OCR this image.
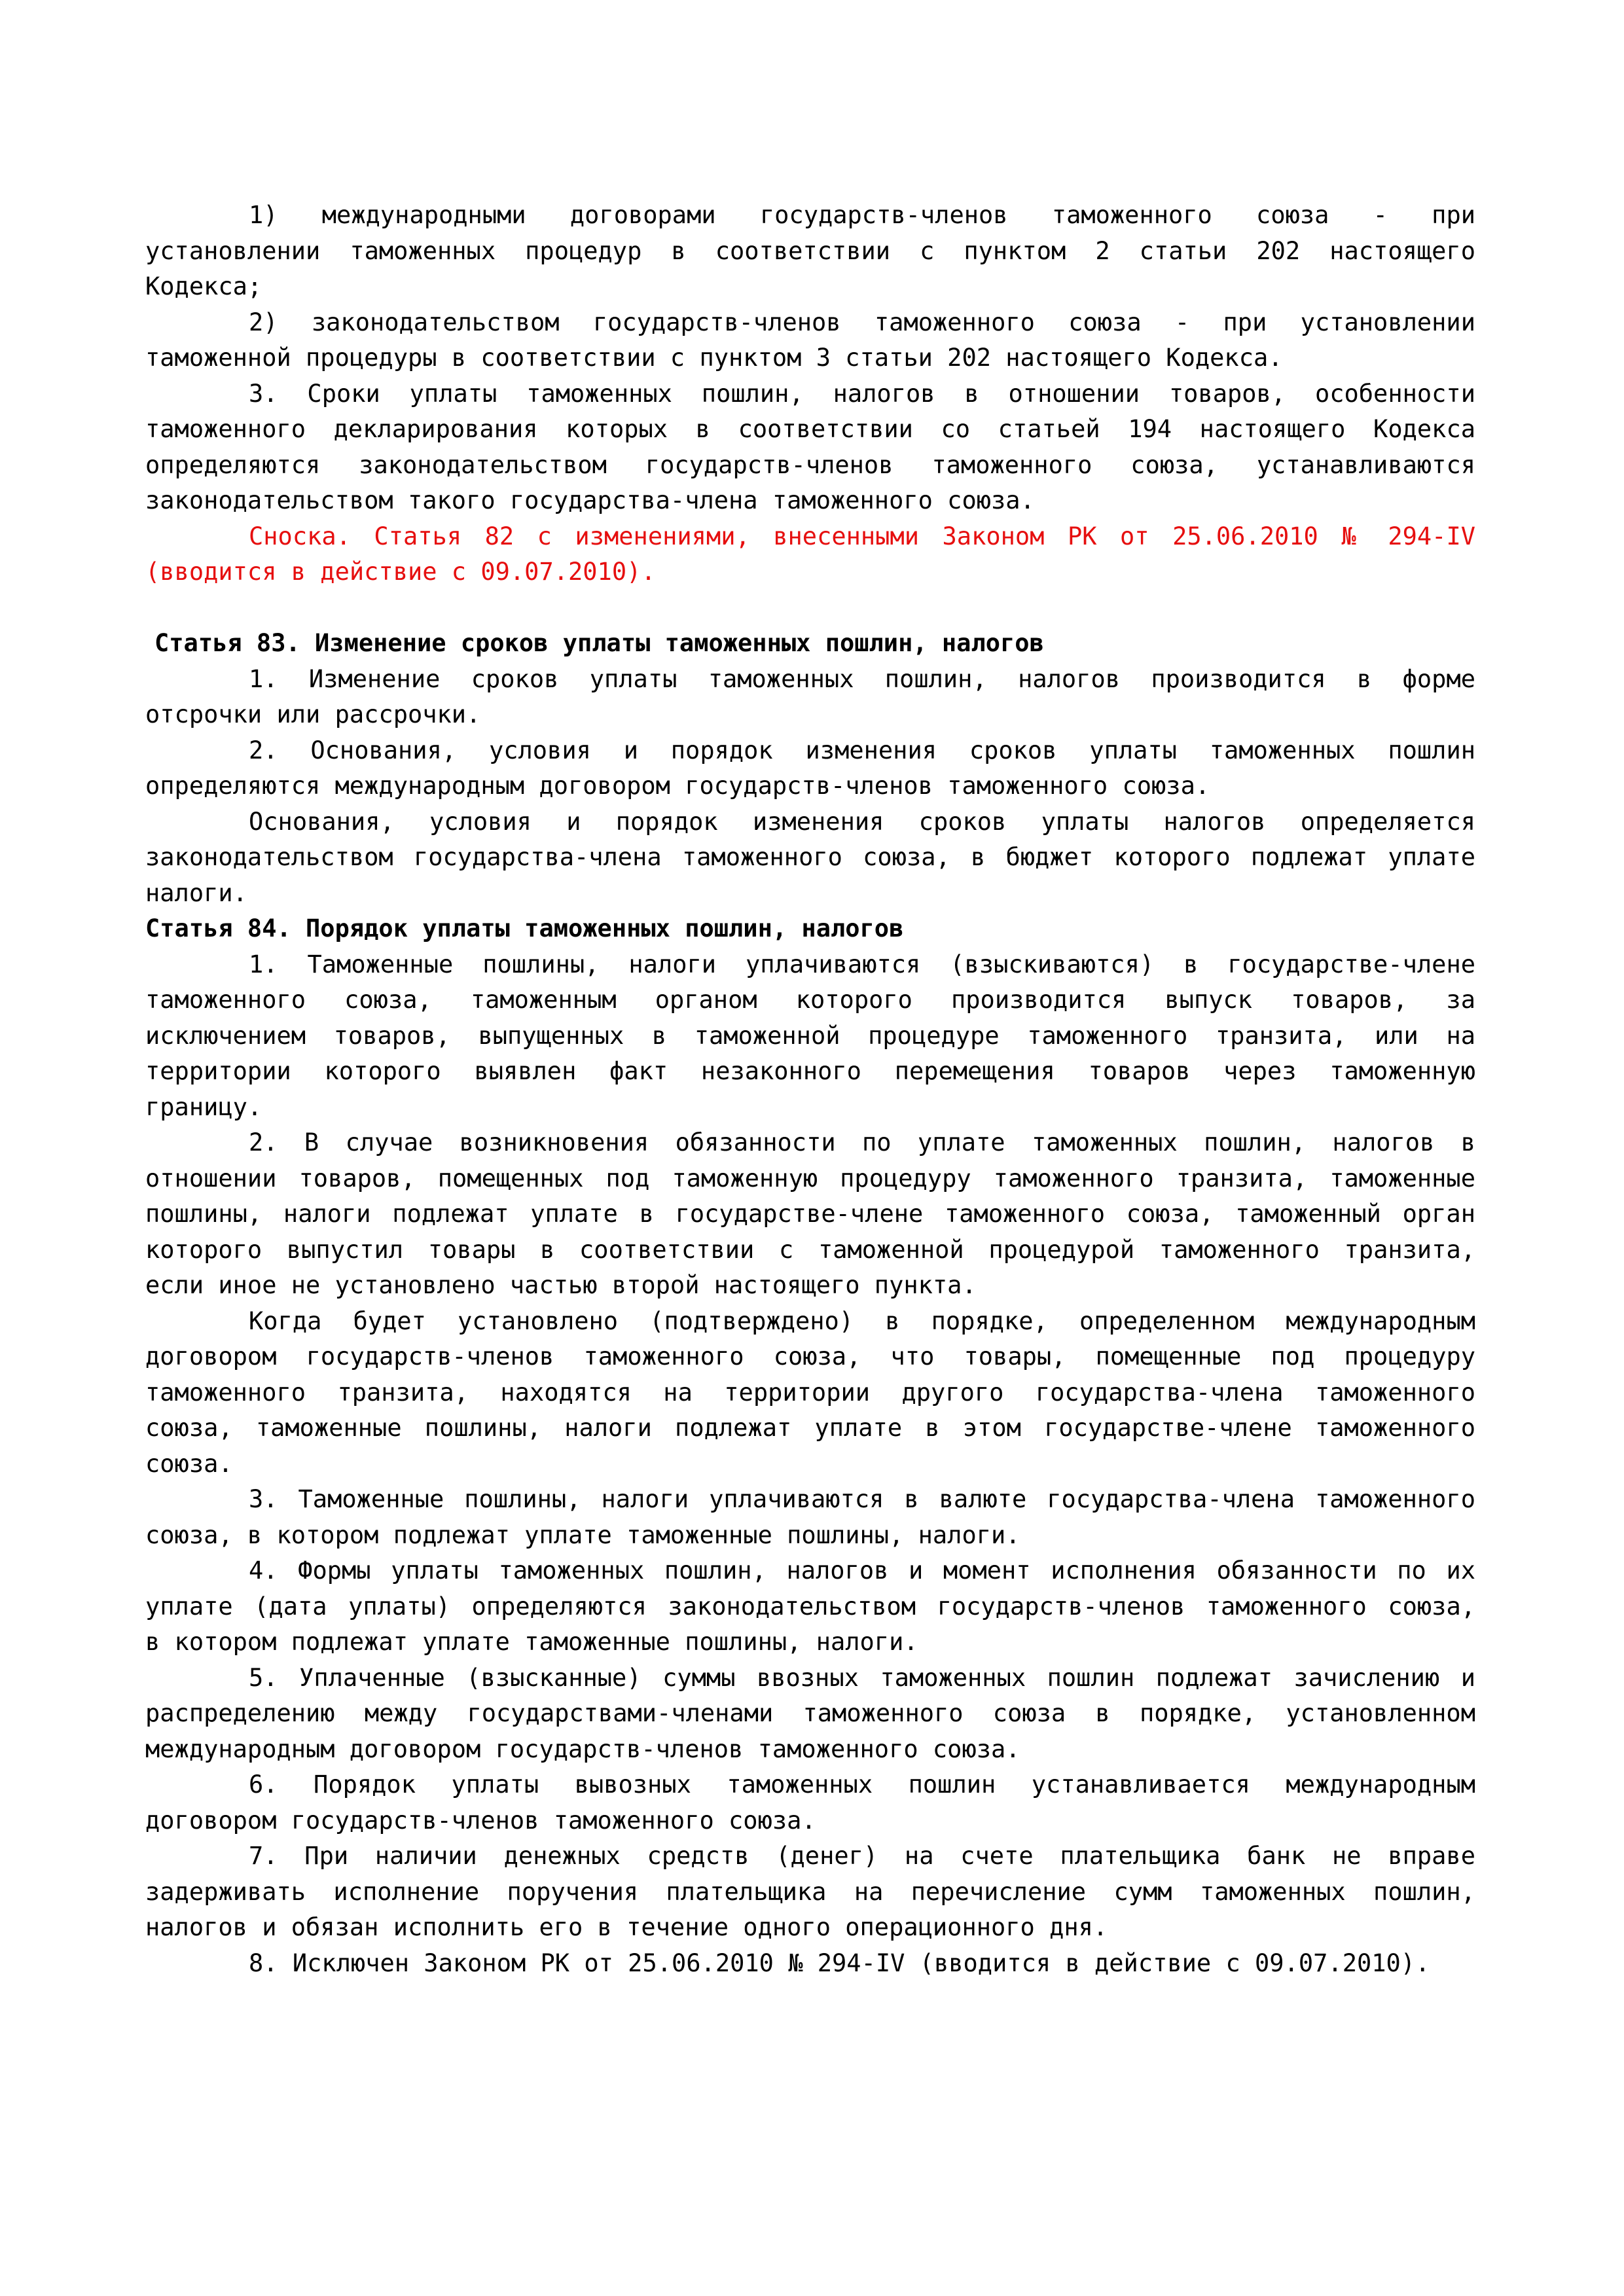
1) международными договорами государств-членов таможенного союза - при
установлении таможенных процедур в соответствии с пунктом 2 статьи 202 настоящего
Кодекса;
2) законодательством государств-членов таможенного союза - при установлении
таможенной процедуры в соответствии с пунктом 3 статьи 202 настоящего Кодекса.
3. Сроки уплаты таможенных пошлин, налогов в отношении товаров, особенности
таможенного декларирования которых в соответствии со статьей 194 настоящего Кодекса
определяются законодательством государств-членов таможенного союза, устанавливаются
законодательством такого государства-члена таможенного союза.
Сноска. Статья 82 с изменениями, внесенными Законом РК от 25.06.2010 № 294-IV
(вводится в действие с 09.07.2010).
Статья 83. Изменение сроков уплаты таможенных пошлин, налогов
1. Изменение сроков уплаты таможенных пошлин, налогов производится в форме
отсрочки или рассрочки.
2. Основания, условия и порядок изменения сроков уплаты таможенных пошлин
определяются международным договором государств-членов таможенного союза.
Основания, условия и порядок изменения сроков уплаты налогов определяется
законодательством государства-члена таможенного союза, в бюджет которого подлежат уплате
налоги.
Статья 84. Порядок уплаты таможенных пошлин, налогов
1. Таможенные пошлины, налоги уплачиваются (взыскиваются) в государстве-члене
таможенного союза, таможенным органом которого производится выпуск товаров, за
исключением товаров, выпущенных в таможенной процедуре таможенного транзита, или на
территории которого выявлен факт незаконного перемещения товаров через таможенную
границу.
2. В случае возникновения обязанности по уплате таможенных пошлин, налогов в
отношении товаров, помещенных под таможенную процедуру таможенного транзита, таможенные
пошлины, налоги подлежат уплате в государстве-члене таможенного союза, таможенный орган
которого выпустил товары в соответствии с таможенной процедурой таможенного транзита,
если иное не установлено частью второй настоящего пункта.
Когда будет установлено (подтверждено) в порядке, определенном международным
договором государств-членов таможенного союза, что товары, помещенные под процедуру
таможенного транзита, находятся на территории другого государства-члена таможенного
союза, таможенные пошлины, налоги подлежат уплате в этом государстве-члене таможенного
союза.
3. Таможенные пошлины, налоги уплачиваются в валюте государства-члена таможенного
союза, в котором подлежат уплате таможенные пошлины, налоги.
4. Формы уплаты таможенных пошлин, налогов и момент исполнения обязанности по их
уплате (дата уплаты) определяются законодательством государств-членов таможенного союза,
в котором подлежат уплате таможенные пошлины, налоги.
5. Уплаченные (взысканные) суммы ввозных таможенных пошлин подлежат зачислению и
распределению между государствами-членами таможенного союза в порядке, установленном
международным договором государств-членов таможенного союза.
6. Порядок уплаты вывозных таможенных пошлин устанавливается международным
договором государств-членов таможенного союза.
7. При наличии денежных средств (денег) на счете плательщика банк не вправе
задерживать исполнение поручения плательщика на перечисление сумм таможенных пошлин,
налогов и обязан исполнить его в течение одного операционного дня.
8. Исключен Законом РК от 25.06.2010 № 294-IV (вводится в действие с 09.07.2010).
